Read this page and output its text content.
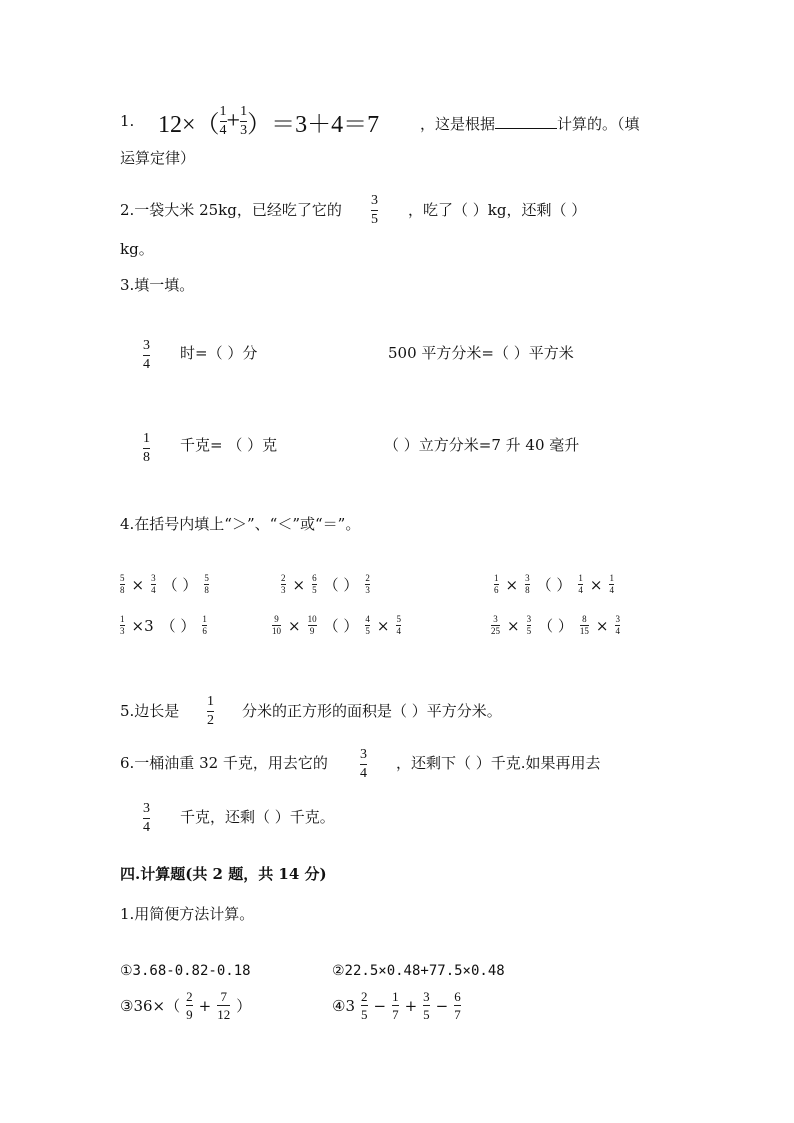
1. $12\times( \frac{1}{4} + \frac{1}{3} )=3+4=7$	，这是根据	计算的。（填
运算定律）
2.一袋大米 25kg，已经吃了它的 $\frac{3}{5}$ ，吃了（ ）kg，还剩（ ）
kg。
3.填一填。
$\frac{3}{4}$ 时=（ ）分	500 平方分米=（ ）平方米
$\frac{1}{8}$ 千克= （ ）克	（ ）立方分米=7 升 40 毫升
4.在括号内填上“＞”、“＜”或“＝”。
$\frac{5}{8} \times \frac{3}{4}$ （ ） $\frac{5}{8}$	$\frac{2}{3} \times \frac{6}{5}$ （ ） $\frac{2}{3}$	$\frac{1}{6} \times \frac{3}{8}$ （ ） $\frac{1}{4} \times \frac{1}{4}$
$\frac{1}{3} \times 3$ （ ） $\frac{1}{6}$	$\frac{9}{10} \times \frac{10}{9}$ （ ） $\frac{4}{5} \times \frac{5}{4}$	$\frac{3}{25} \times \frac{3}{5}$ （ ） $\frac{8}{15} \times \frac{3}{4}$
5.边长是 $\frac{1}{2}$ 分米的正方形的面积是（ ）平方分米。
6.一桶油重 32 千克，用去它的 $\frac{3}{4}$ ，还剩下（ ）千克.如果再用去
$\frac{3}{4}$ 千克，还剩（ ）千克。
四.计算题(共 2 题，共 14 分)
1.用简便方法计算。
①3.68-0.82-0.18	②22.5×0.48+77.5×0.48
③36×（ $\frac{2}{9} + \frac{7}{12}$ ）	④3 $\frac{2}{5} - \frac{1}{7} + \frac{3}{5} - \frac{6}{7}$
